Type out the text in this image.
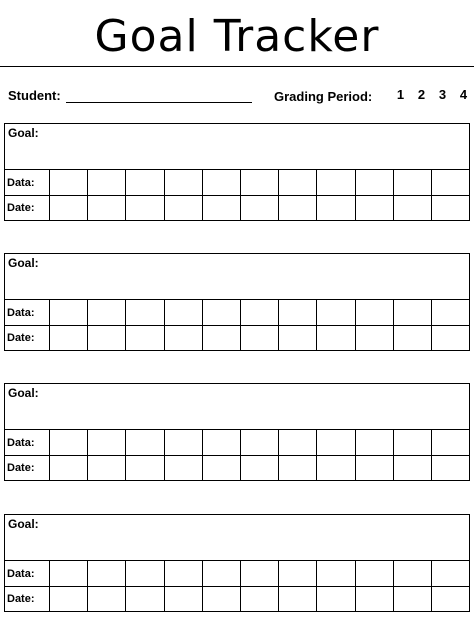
Goal Tracker
Student:	Grading Period:	1	2	3	4
Goal:
Data:
Date:
Goal:
Data:
Date:
Goal:
Data:
Date:
Goal:
Data:
Date:
